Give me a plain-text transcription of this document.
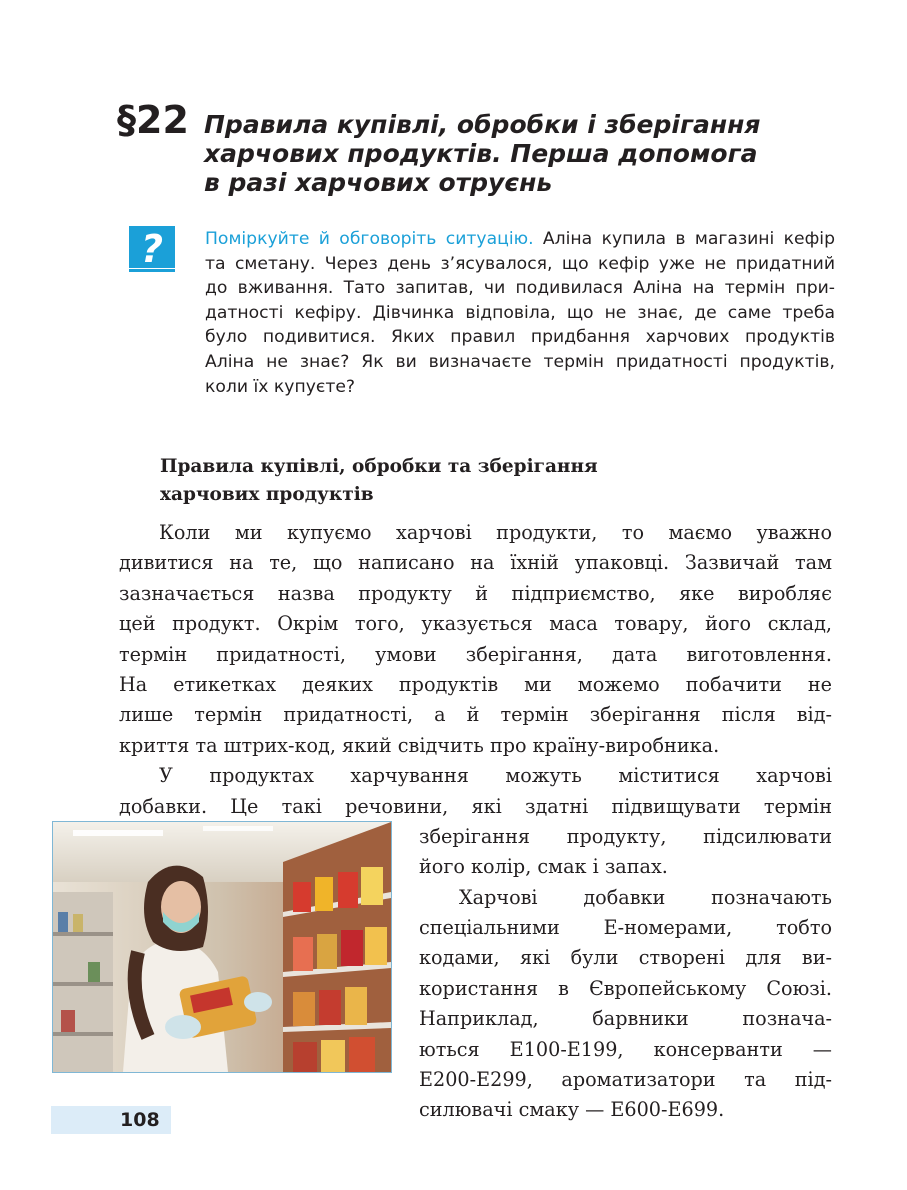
§22 Правила купівлі, обробки і зберігання
харчових продуктів. Перша допомога
в разі харчових отруєнь
? Поміркуйте й обговоріть ситуацію. Аліна купила в магазині кефір
та сметану. Через день з’ясувалося, що кефір уже не придатний
до вживання. Тато запитав, чи подивилася Аліна на термін при-
датності кефіру. Дівчинка відповіла, що не знає, де саме треба
було подивитися. Яких правил придбання харчових продуктів
Аліна не знає? Як ви визначаєте термін придатності продуктів,
коли їх купуєте?
Правила купівлі, обробки та зберігання
харчових продуктів
Коли ми купуємо харчові продукти, то маємо уважно
дивитися на те, що написано на їхній упаковці. Зазвичай там
зазначається назва продукту й підприємство, яке виробляє
цей продукт. Окрім того, указується маса товару, його склад,
термін придатності, умови зберігання, дата виготовлення.
На етикетках деяких продуктів ми можемо побачити не
лише термін придатності, а й термін зберігання після від-
криття та штрих-код, який свідчить про країну-виробника.
У продуктах харчування можуть міститися харчові
добавки. Це такі речовини, які здатні підвищувати термін
зберігання продукту, підсилювати
його колір, смак і запах.
Харчові добавки позначають
спеціальними Е-номерами, тобто
кодами, які були створені для ви-
користання в Європейському Союзі.
Наприклад, барвники познача-
ються Е100-Е199, консерванти —
Е200-Е299, ароматизатори та під-
силювачі смаку — Е600-Е699.
108
